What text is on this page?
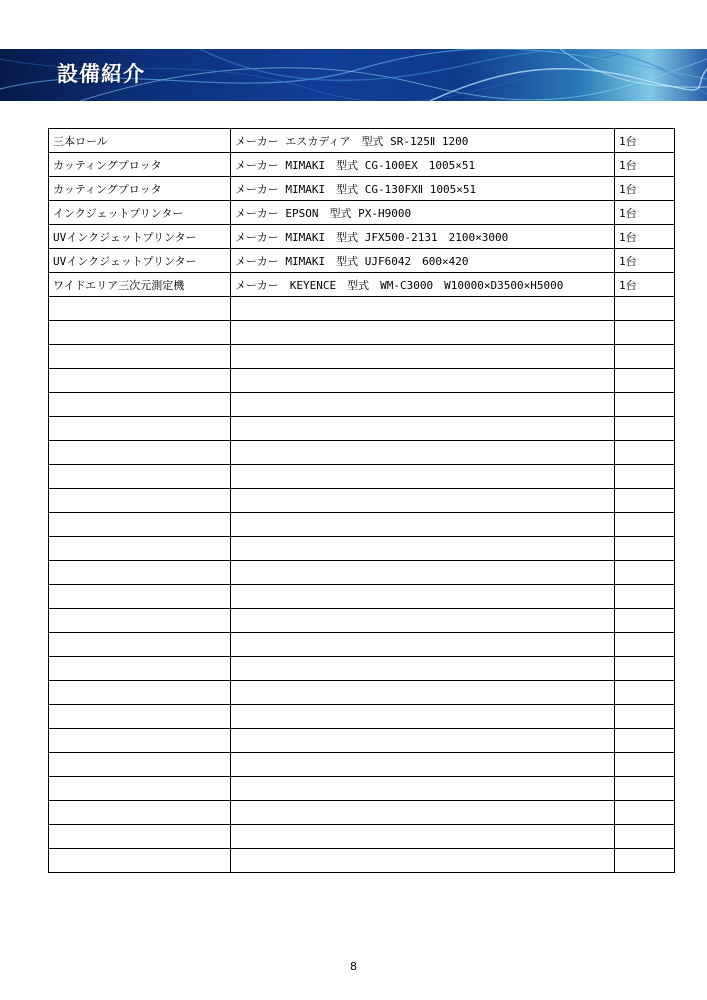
設備紹介
三本ロール	メーカー エスカディア　型式 SR-125Ⅱ 1200	1台
カッティングプロッタ	メーカー MIMAKI　型式 CG-100EX　1005×51	1台
カッティングプロッタ	メーカー MIMAKI　型式 CG-130FXⅡ 1005×51	1台
インクジェットプリンター	メーカー EPSON　型式 PX-H9000	1台
UVインクジェットプリンター	メーカー MIMAKI　型式 JFX500-2131　2100×3000	1台
UVインクジェットプリンター	メーカー MIMAKI　型式 UJF6042　600×420	1台
ワイドエリア三次元測定機	メーカー　KEYENCE　型式　WM-C3000　W10000×D3500×H5000	1台

8
